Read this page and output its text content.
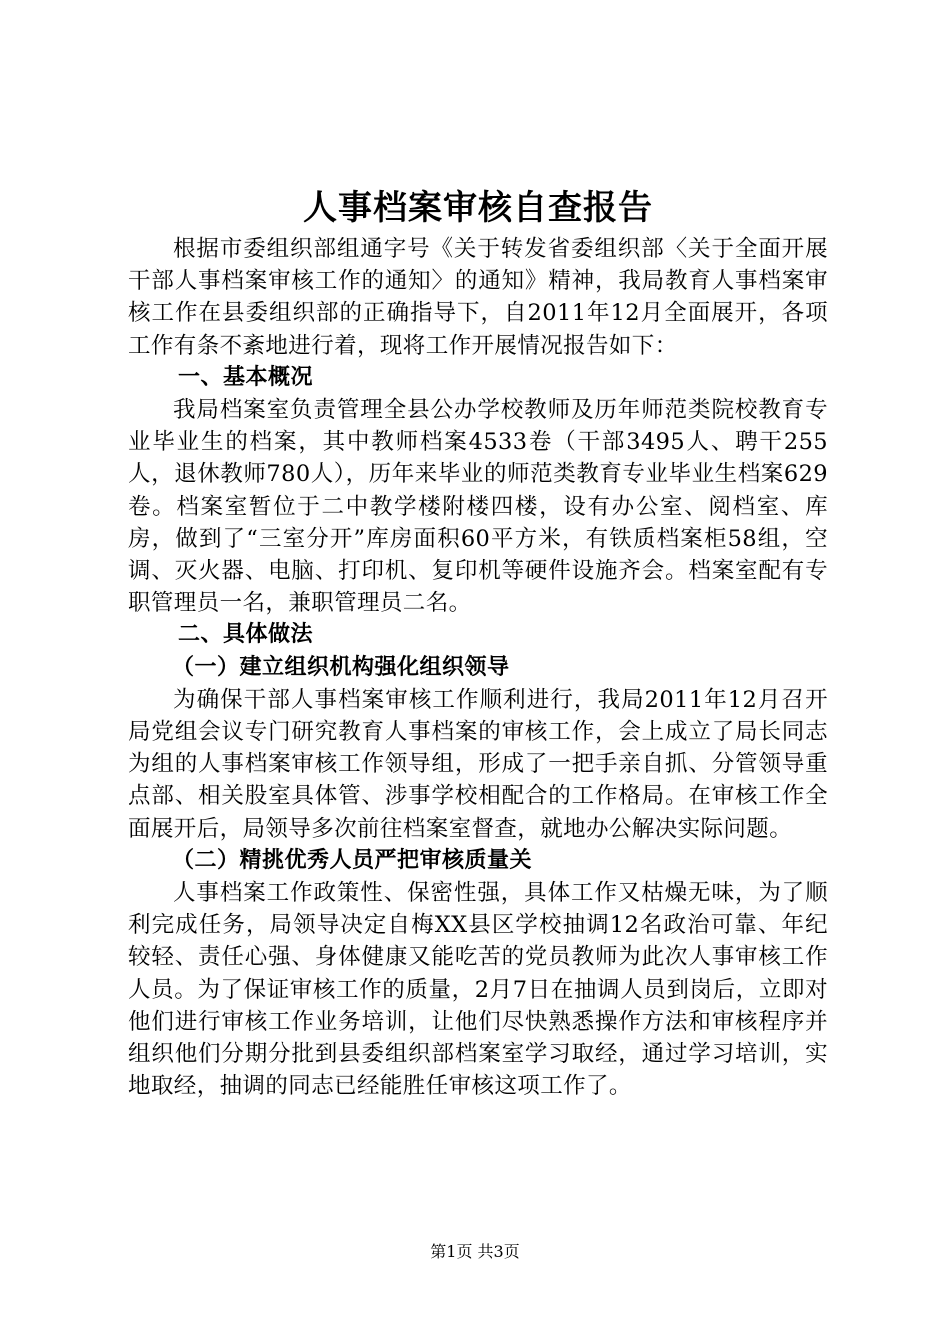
人事档案审核自查报告

根据市委组织部组通字号《关于转发省委组织部〈关于全面开展干部人事档案审核工作的通知〉的通知》精神，我局教育人事档案审核工作在县委组织部的正确指导下，自2011年12月全面展开，各项工作有条不紊地进行着，现将工作开展情况报告如下：

一、基本概况

我局档案室负责管理全县公办学校教师及历年师范类院校教育专业毕业生的档案，其中教师档案4533卷（干部3495人、聘干255人，退休教师780人），历年来毕业的师范类教育专业毕业生档案629卷。档案室暂位于二中教学楼附楼四楼，设有办公室、阅档室、库房，做到了“三室分开”库房面积60平方米，有铁质档案柜58组，空调、灭火器、电脑、打印机、复印机等硬件设施齐会。档案室配有专职管理员一名，兼职管理员二名。

二、具体做法

（一）建立组织机构强化组织领导

为确保干部人事档案审核工作顺利进行，我局2011年12月召开局党组会议专门研究教育人事档案的审核工作，会上成立了局长同志为组的人事档案审核工作领导组，形成了一把手亲自抓、分管领导重点部、相关股室具体管、涉事学校相配合的工作格局。在审核工作全面展开后，局领导多次前往档案室督查，就地办公解决实际问题。

（二）精挑优秀人员严把审核质量关

人事档案工作政策性、保密性强，具体工作又枯燥无味，为了顺利完成任务，局领导决定自梅XX县区学校抽调12名政治可靠、年纪较轻、责任心强、身体健康又能吃苦的党员教师为此次人事审核工作人员。为了保证审核工作的质量，2月7日在抽调人员到岗后，立即对他们进行审核工作业务培训，让他们尽快熟悉操作方法和审核程序并组织他们分期分批到县委组织部档案室学习取经，通过学习培训，实地取经，抽调的同志已经能胜任审核这项工作了。

第1页 共3页
